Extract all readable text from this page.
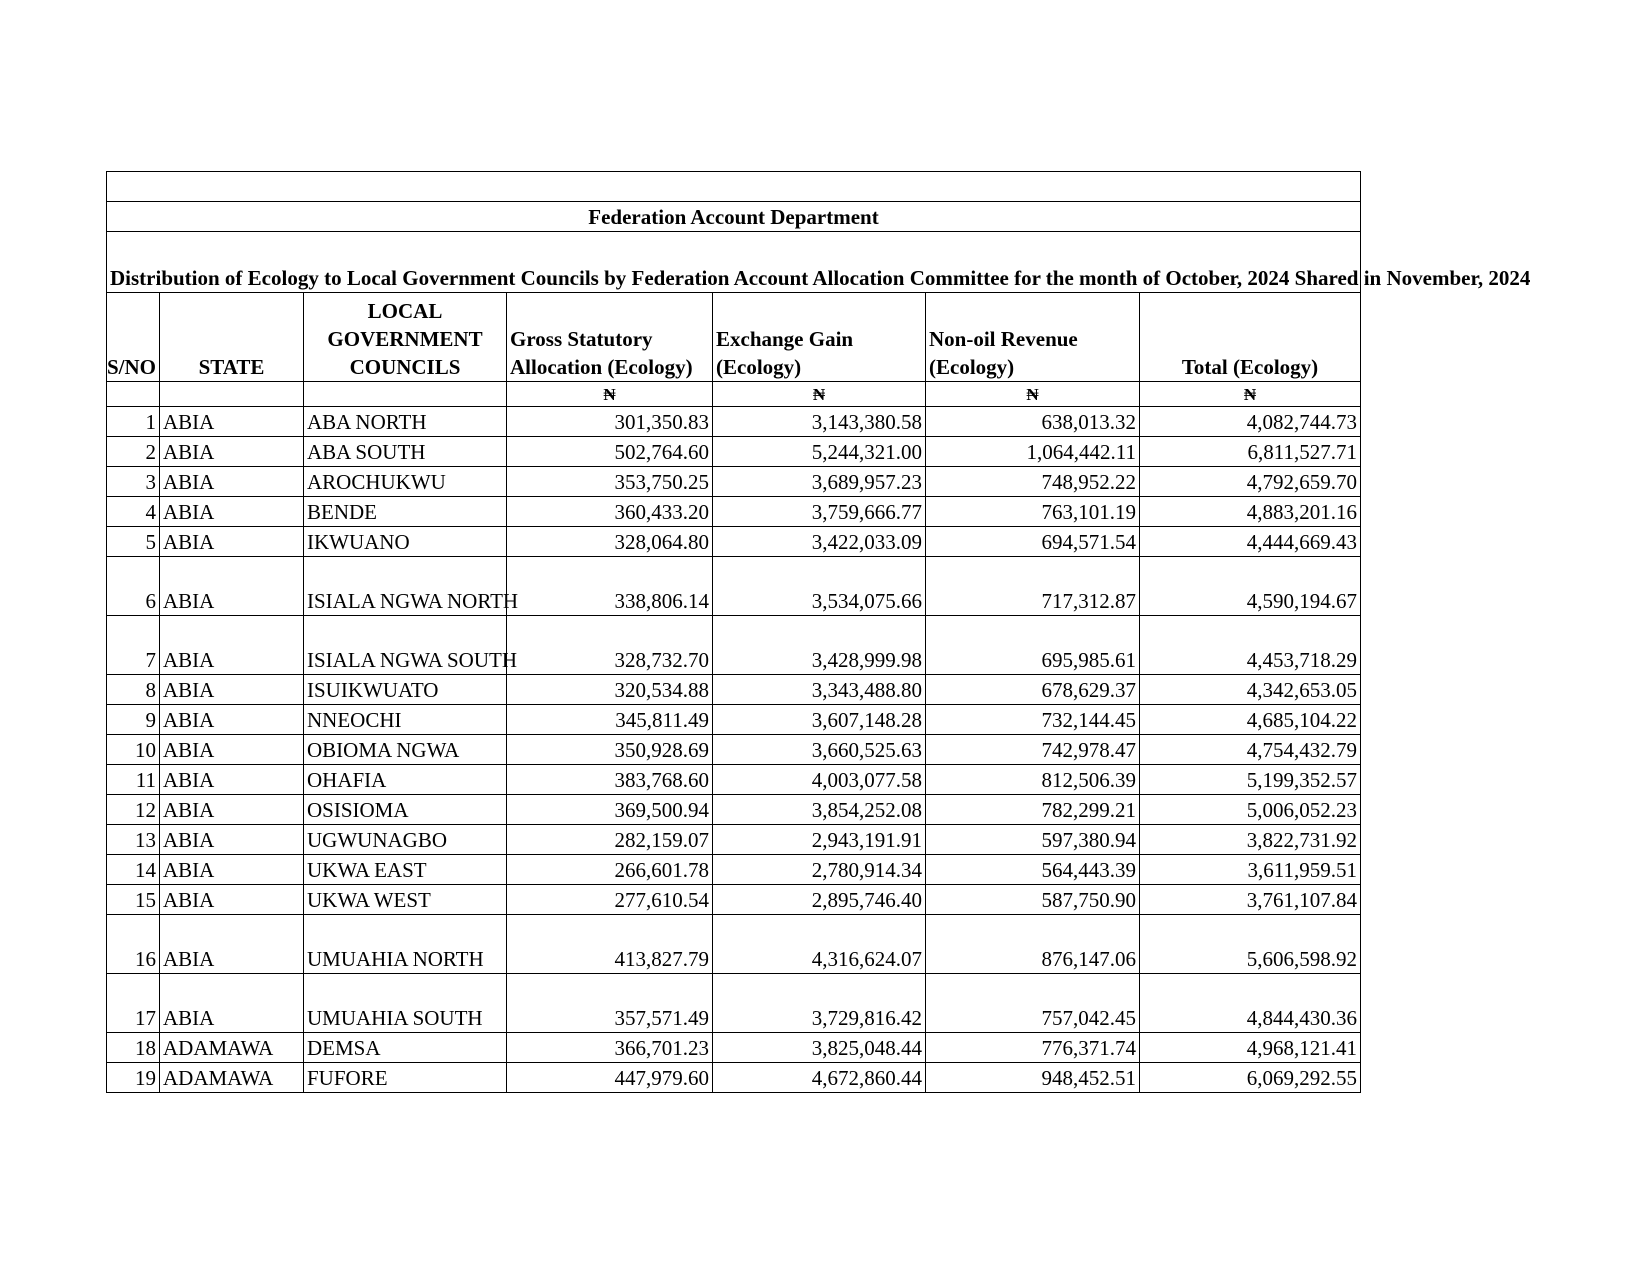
Federation Account Department						
Distribution of Ecology to Local Government Councils by Federation Account Allocation Committee for the month of October, 2024 Shared in November, 2024						
S/NO	STATE	LOCAL GOVERNMENT COUNCILS	Gross Statutory Allocation (Ecology)	Exchange Gain (Ecology)	Non-oil Revenue (Ecology)	Total (Ecology)
			₦	₦	₦	₦
1	ABIA	ABA NORTH	301,350.83	3,143,380.58	638,013.32	4,082,744.73
2	ABIA	ABA SOUTH	502,764.60	5,244,321.00	1,064,442.11	6,811,527.71
3	ABIA	AROCHUKWU	353,750.25	3,689,957.23	748,952.22	4,792,659.70
4	ABIA	BENDE	360,433.20	3,759,666.77	763,101.19	4,883,201.16
5	ABIA	IKWUANO	328,064.80	3,422,033.09	694,571.54	4,444,669.43
6	ABIA	ISIALA NGWA NORTH	338,806.14	3,534,075.66	717,312.87	4,590,194.67
7	ABIA	ISIALA NGWA SOUTH	328,732.70	3,428,999.98	695,985.61	4,453,718.29
8	ABIA	ISUIKWUATO	320,534.88	3,343,488.80	678,629.37	4,342,653.05
9	ABIA	NNEOCHI	345,811.49	3,607,148.28	732,144.45	4,685,104.22
10	ABIA	OBIOMA NGWA	350,928.69	3,660,525.63	742,978.47	4,754,432.79
11	ABIA	OHAFIA	383,768.60	4,003,077.58	812,506.39	5,199,352.57
12	ABIA	OSISIOMA	369,500.94	3,854,252.08	782,299.21	5,006,052.23
13	ABIA	UGWUNAGBO	282,159.07	2,943,191.91	597,380.94	3,822,731.92
14	ABIA	UKWA EAST	266,601.78	2,780,914.34	564,443.39	3,611,959.51
15	ABIA	UKWA WEST	277,610.54	2,895,746.40	587,750.90	3,761,107.84
16	ABIA	UMUAHIA NORTH	413,827.79	4,316,624.07	876,147.06	5,606,598.92
17	ABIA	UMUAHIA SOUTH	357,571.49	3,729,816.42	757,042.45	4,844,430.36
18	ADAMAWA	DEMSA	366,701.23	3,825,048.44	776,371.74	4,968,121.41
19	ADAMAWA	FUFORE	447,979.60	4,672,860.44	948,452.51	6,069,292.55
